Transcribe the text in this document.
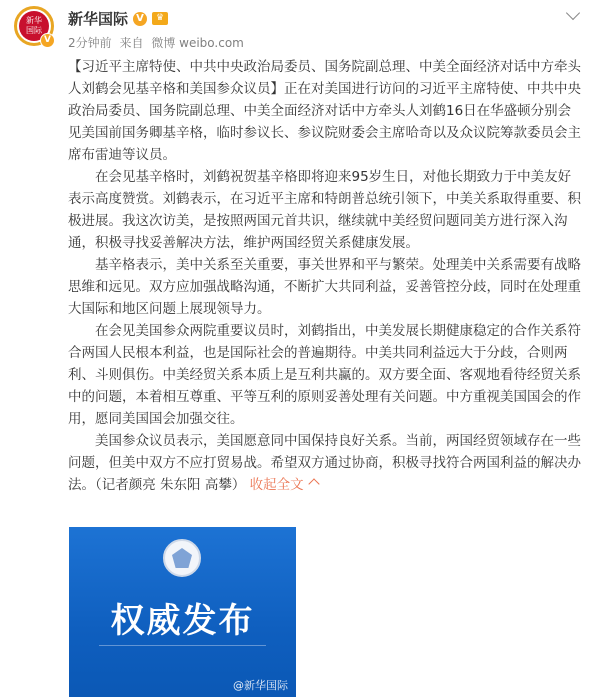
新华
国际
V
新华国际 V	♛
2分钟前 来自 微博 weibo.com

【习近平主席特使、中共中央政治局委员、国务院副总理、中美全面经济对话中方牵头人刘鹤会见基辛格和美国参众议员】正在对美国进行访问的习近平主席特使、中共中央政治局委员、国务院副总理、中美全面经济对话中方牵头人刘鹤16日在华盛顿分别会见美国前国务卿基辛格，临时参议长、参议院财委会主席哈奇以及众议院筹款委员会主席布雷迪等议员。

在会见基辛格时，刘鹤祝贺基辛格即将迎来95岁生日，对他长期致力于中美友好表示高度赞赏。刘鹤表示，在习近平主席和特朗普总统引领下，中美关系取得重要、积极进展。我这次访美，是按照两国元首共识，继续就中美经贸问题同美方进行深入沟通，积极寻找妥善解决方法，维护两国经贸关系健康发展。

基辛格表示，美中关系至关重要，事关世界和平与繁荣。处理美中关系需要有战略思维和远见。双方应加强战略沟通，不断扩大共同利益，妥善管控分歧，同时在处理重大国际和地区问题上展现领导力。

在会见美国参众两院重要议员时，刘鹤指出，中美发展长期健康稳定的合作关系符合两国人民根本利益，也是国际社会的普遍期待。中美共同利益远大于分歧，合则两利、斗则俱伤。中美经贸关系本质上是互利共赢的。双方要全面、客观地看待经贸关系中的问题，本着相互尊重、平等互利的原则妥善处理有关问题。中方重视美国国会的作用，愿同美国国会加强交往。

美国参众议员表示，美国愿意同中国保持良好关系。当前，两国经贸领域存在一些问题，但美中双方不应打贸易战。希望双方通过协商，积极寻找符合两国利益的解决办法。（记者颜亮 朱东阳 高攀） 收起全文

权威发布
@新华国际
